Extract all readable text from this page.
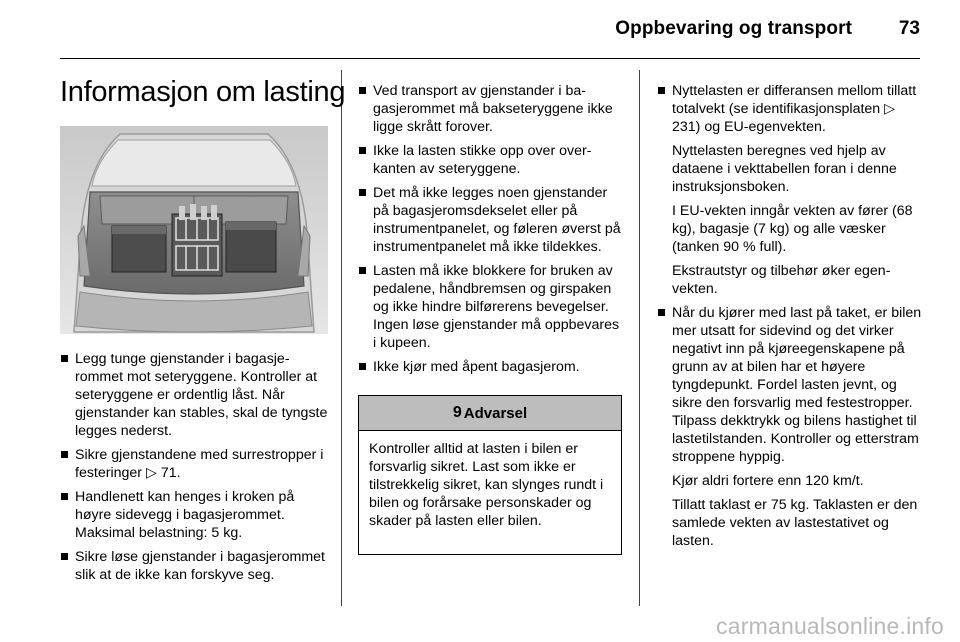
Oppbevaring og transport 73
Informasjon om lasting
Legg tunge gjenstander i bagasjerommet mot seteryggene. Kontroller at seteryggene er ordentlig låst. Når gjenstander kan stables, skal de tyngste legges nederst.
Sikre gjenstandene med surrestropper i festeringer ▷ 71.
Handlenett kan henges i kroken på høyre sidevegg i bagasjerommet. Maksimal belastning: 5 kg.
Sikre løse gjenstander i bagasjerommet slik at de ikke kan forskyve seg.
Ved transport av gjenstander i bagasjerommet må bakseteryggene ikke ligge skrått forover.
Ikke la lasten stikke opp over overkanten av seteryggene.
Det må ikke legges noen gjenstander på bagasjeromsdekselet eller på instrumentpanelet, og føleren øverst på instrumentpanelet må ikke tildekkes.
Lasten må ikke blokkere for bruken av pedalene, håndbremsen og girspaken og ikke hindre bilførerens bevegelser. Ingen løse gjenstander må oppbevares i kupeen.
Ikke kjør med åpent bagasjerom.
9 Advarsel
Kontroller alltid at lasten i bilen er forsvarlig sikret. Last som ikke er tilstrekkelig sikret, kan slynges rundt i bilen og forårsake personskader og skader på lasten eller bilen.
Nyttelasten er differansen mellom tillatt totalvekt (se identifikasjonsplaten ▷ 231) og EU-egenvekten.

Nyttelasten beregnes ved hjelp av dataene i vekttabellen foran i denne instruksjonsboken.

I EU-vekten inngår vekten av fører (68 kg), bagasje (7 kg) og alle væsker (tanken 90 % full).

Ekstrautstyr og tilbehør øker egenvekten.

Når du kjører med last på taket, er bilen mer utsatt for sidevind og det virker negativt inn på kjøreegenskapene på grunn av at bilen har et høyere tyngdepunkt. Fordel lasten jevnt, og sikre den forsvarlig med festestropper. Tilpass dekktrykk og bilens hastighet til lastetilstanden. Kontroller og etterstram stroppene hyppig.

Kjør aldri fortere enn 120 km/t.

Tillatt taklast er 75 kg. Taklasten er den samlede vekten av lastestativet og lasten.

carmanualsonline.info
